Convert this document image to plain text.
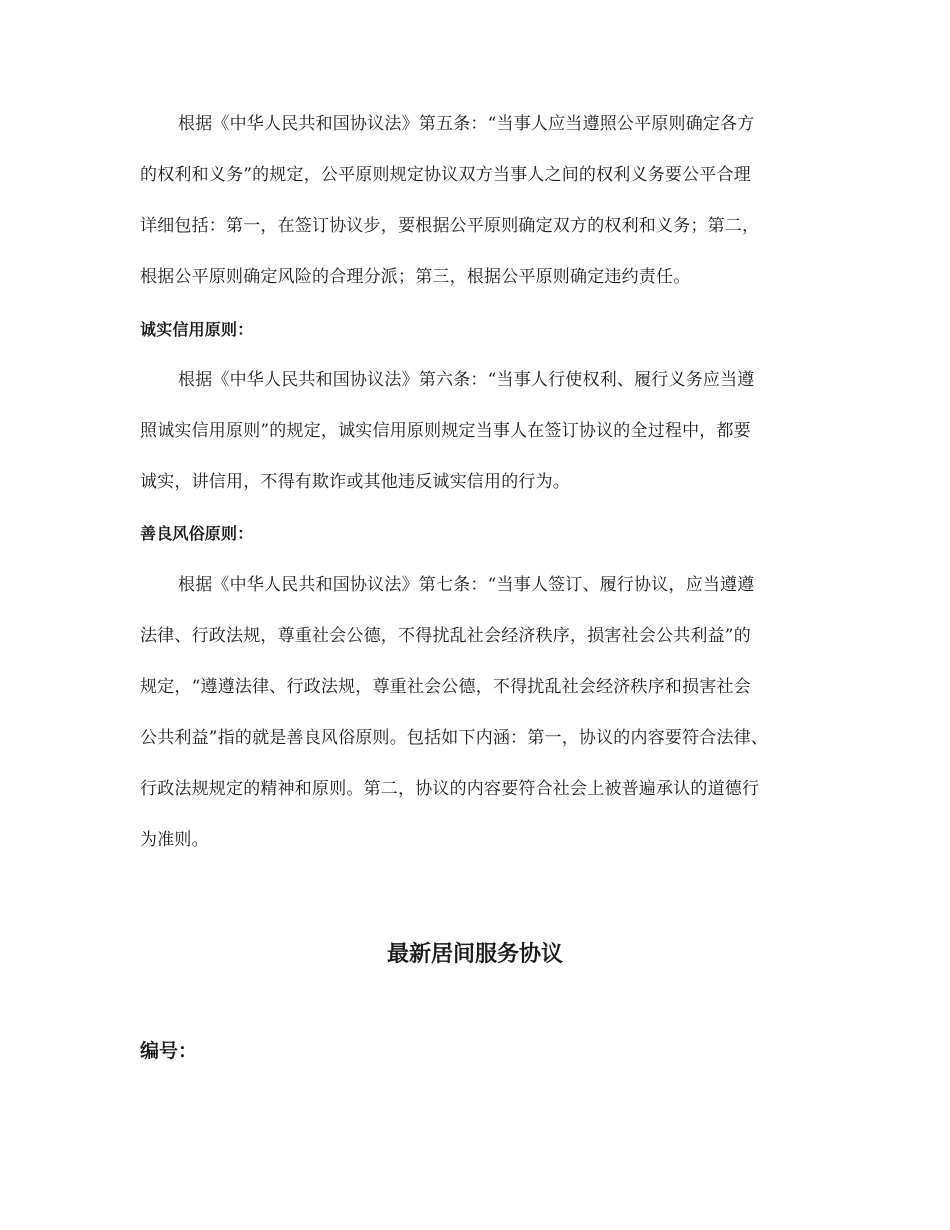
根据《中华人民共和国协议法》第五条：“当事人应当遵照公平原则确定各方
的权利和义务”的规定，公平原则规定协议双方当事人之间的权利义务要公平合理
详细包括：第一，在签订协议步，要根据公平原则确定双方的权利和义务；第二，
根据公平原则确定风险的合理分派；第三，根据公平原则确定违约责任。
诚实信用原则：
根据《中华人民共和国协议法》第六条：“当事人行使权利、履行义务应当遵
照诚实信用原则”的规定，诚实信用原则规定当事人在签订协议的全过程中，都要
诚实，讲信用，不得有欺诈或其他违反诚实信用的行为。
善良风俗原则：
根据《中华人民共和国协议法》第七条：“当事人签订、履行协议，应当遵遵
法律、行政法规，尊重社会公德，不得扰乱社会经济秩序，损害社会公共利益”的
规定，“遵遵法律、行政法规，尊重社会公德，不得扰乱社会经济秩序和损害社会
公共利益”指的就是善良风俗原则。包括如下内涵：第一，协议的内容要符合法律、
行政法规规定的精神和原则。第二，协议的内容要符合社会上被普遍承认的道德行
为准则。
最新居间服务协议
编号：
